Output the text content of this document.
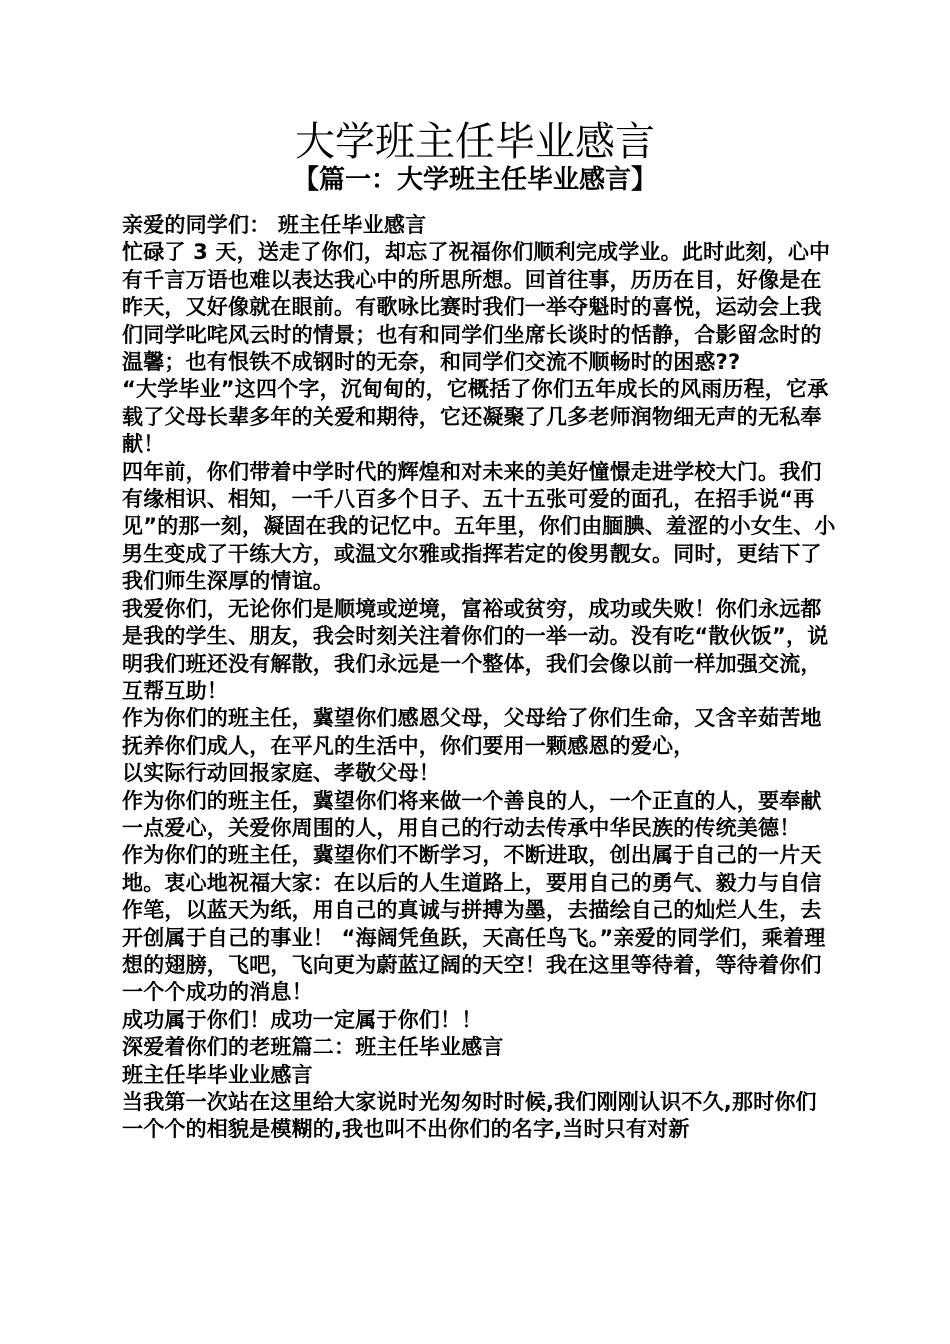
大学班主任毕业感言
【篇一：大学班主任毕业感言】

亲爱的同学们： 班主任毕业感言

忙碌了 3 天，送走了你们，却忘了祝福你们顺利完成学业。此时此刻，心中有千言万语也难以表达我心中的所思所想。回首往事，历历在目，好像是在昨天，又好像就在眼前。有歌咏比赛时我们一举夺魁时的喜悦，运动会上我们同学叱咤风云时的情景；也有和同学们坐席长谈时的恬静，合影留念时的温馨；也有恨铁不成钢时的无奈，和同学们交流不顺畅时的困惑??

“大学毕业”这四个字，沉甸甸的，它概括了你们五年成长的风雨历程，它承载了父母长辈多年的关爱和期待，它还凝聚了几多老师润物细无声的无私奉献！

四年前，你们带着中学时代的辉煌和对未来的美好憧憬走进学校大门。我们有缘相识、相知，一千八百多个日子、五十五张可爱的面孔，在招手说“再见”的那一刻，凝固在我的记忆中。五年里，你们由腼腆、羞涩的小女生、小男生变成了干练大方，或温文尔雅或指挥若定的俊男靓女。同时，更结下了我们师生深厚的情谊。

我爱你们，无论你们是顺境或逆境，富裕或贫穷，成功或失败！你们永远都是我的学生、朋友，我会时刻关注着你们的一举一动。没有吃“散伙饭”，说明我们班还没有解散，我们永远是一个整体，我们会像以前一样加强交流，互帮互助！

作为你们的班主任，冀望你们感恩父母，父母给了你们生命，又含辛茹苦地抚养你们成人，在平凡的生活中，你们要用一颗感恩的爱心，

以实际行动回报家庭、孝敬父母！

作为你们的班主任，冀望你们将来做一个善良的人，一个正直的人，要奉献一点爱心，关爱你周围的人，用自己的行动去传承中华民族的传统美德！

作为你们的班主任，冀望你们不断学习，不断进取，创出属于自己的一片天地。衷心地祝福大家：在以后的人生道路上，要用自己的勇气、毅力与自信作笔，以蓝天为纸，用自己的真诚与拼搏为墨，去描绘自己的灿烂人生，去开创属于自己的事业！ “海阔凭鱼跃，天高任鸟飞。”亲爱的同学们，乘着理想的翅膀，飞吧，飞向更为蔚蓝辽阔的天空！我在这里等待着，等待着你们一个个成功的消息！

成功属于你们！成功一定属于你们！！

深爱着你们的老班篇二：班主任毕业感言

班主任毕毕业业感言

当我第一次站在这里给大家说时光匆匆时时候,我们刚刚认识不久,那时你们一个个的相貌是模糊的,我也叫不出你们的名字,当时只有对新
